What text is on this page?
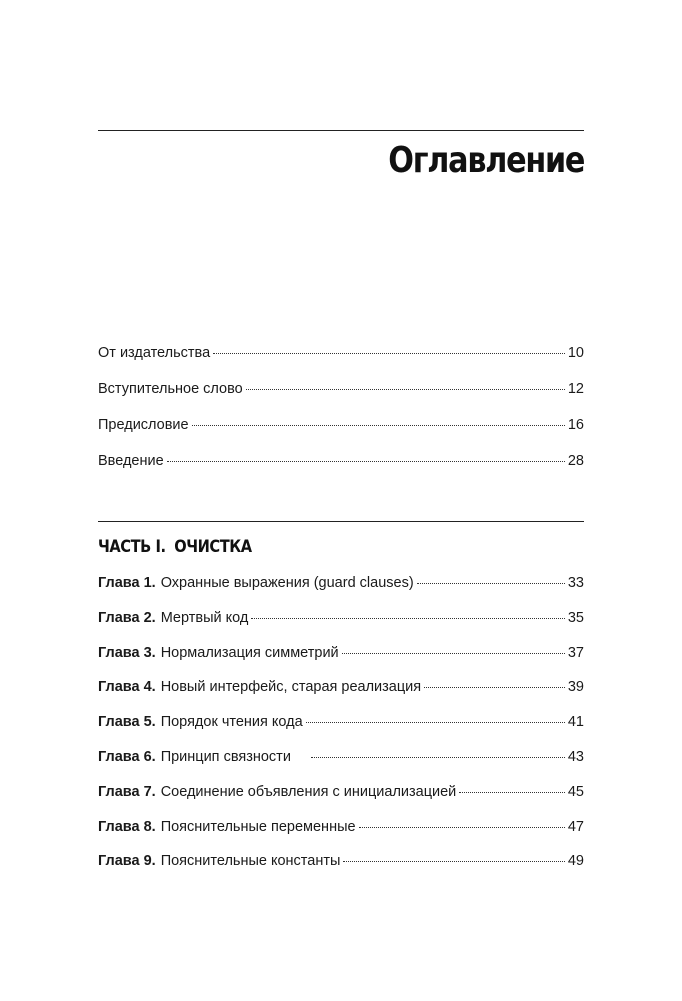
Оглавление
От издательства	10
Вступительное слово	12
Предисловие	16
Введение	28
ЧАСТЬ I. ОЧИСТКА
Глава 1. Охранные выражения (guard clauses)	33
Глава 2. Мертвый код	35
Глава 3. Нормализация симметрий	37
Глава 4. Новый интерфейс, старая реализация	39
Глава 5. Порядок чтения кода	41
Глава 6. Принцип связности	43
Глава 7. Соединение объявления с инициализацией	45
Глава 8. Пояснительные переменные	47
Глава 9. Пояснительные константы	49
